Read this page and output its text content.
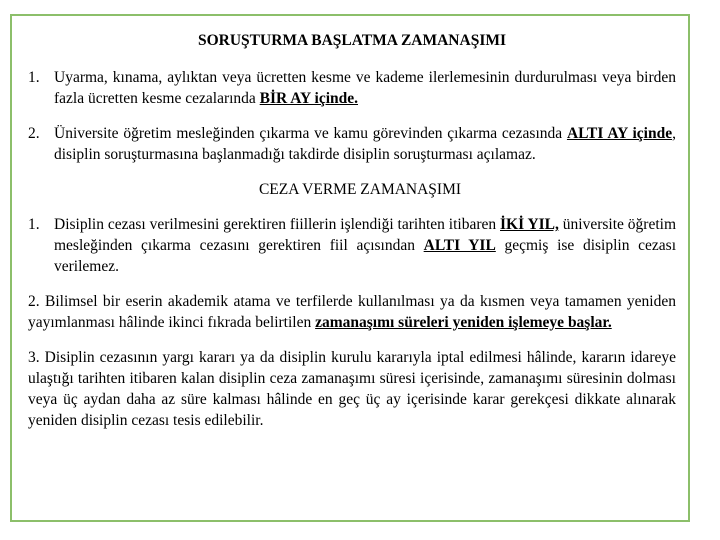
SORUŞTURMA BAŞLATMA ZAMANAŞIMI
1. Uyarma, kınama, aylıktan veya ücretten kesme ve kademe ilerlemesinin durdurulması veya birden fazla ücretten kesme cezalarında BİR AY içinde.

2. Üniversite öğretim mesleğinden çıkarma ve kamu görevinden çıkarma cezasında ALTI AY içinde, disiplin soruşturmasına başlanmadığı takdirde disiplin soruşturması açılamaz.

CEZA VERME ZAMANAŞIMI
1. Disiplin cezası verilmesini gerektiren fiillerin işlendiği tarihten itibaren İKİ YIL, üniversite öğretim mesleğinden çıkarma cezasını gerektiren fiil açısından ALTI YIL geçmiş ise disiplin cezası verilemez.

2. Bilimsel bir eserin akademik atama ve terfilerde kullanılması ya da kısmen veya tamamen yeniden yayımlanması hâlinde ikinci fıkrada belirtilen zamanaşımı süreleri yeniden işlemeye başlar.

3. Disiplin cezasının yargı kararı ya da disiplin kurulu kararıyla iptal edilmesi hâlinde, kararın idareye ulaştığı tarihten itibaren kalan disiplin ceza zamanaşımı süresi içerisinde, zamanaşımı süresinin dolması veya üç aydan daha az süre kalması hâlinde en geç üç ay içerisinde karar gerekçesi dikkate alınarak yeniden disiplin cezası tesis edilebilir.
